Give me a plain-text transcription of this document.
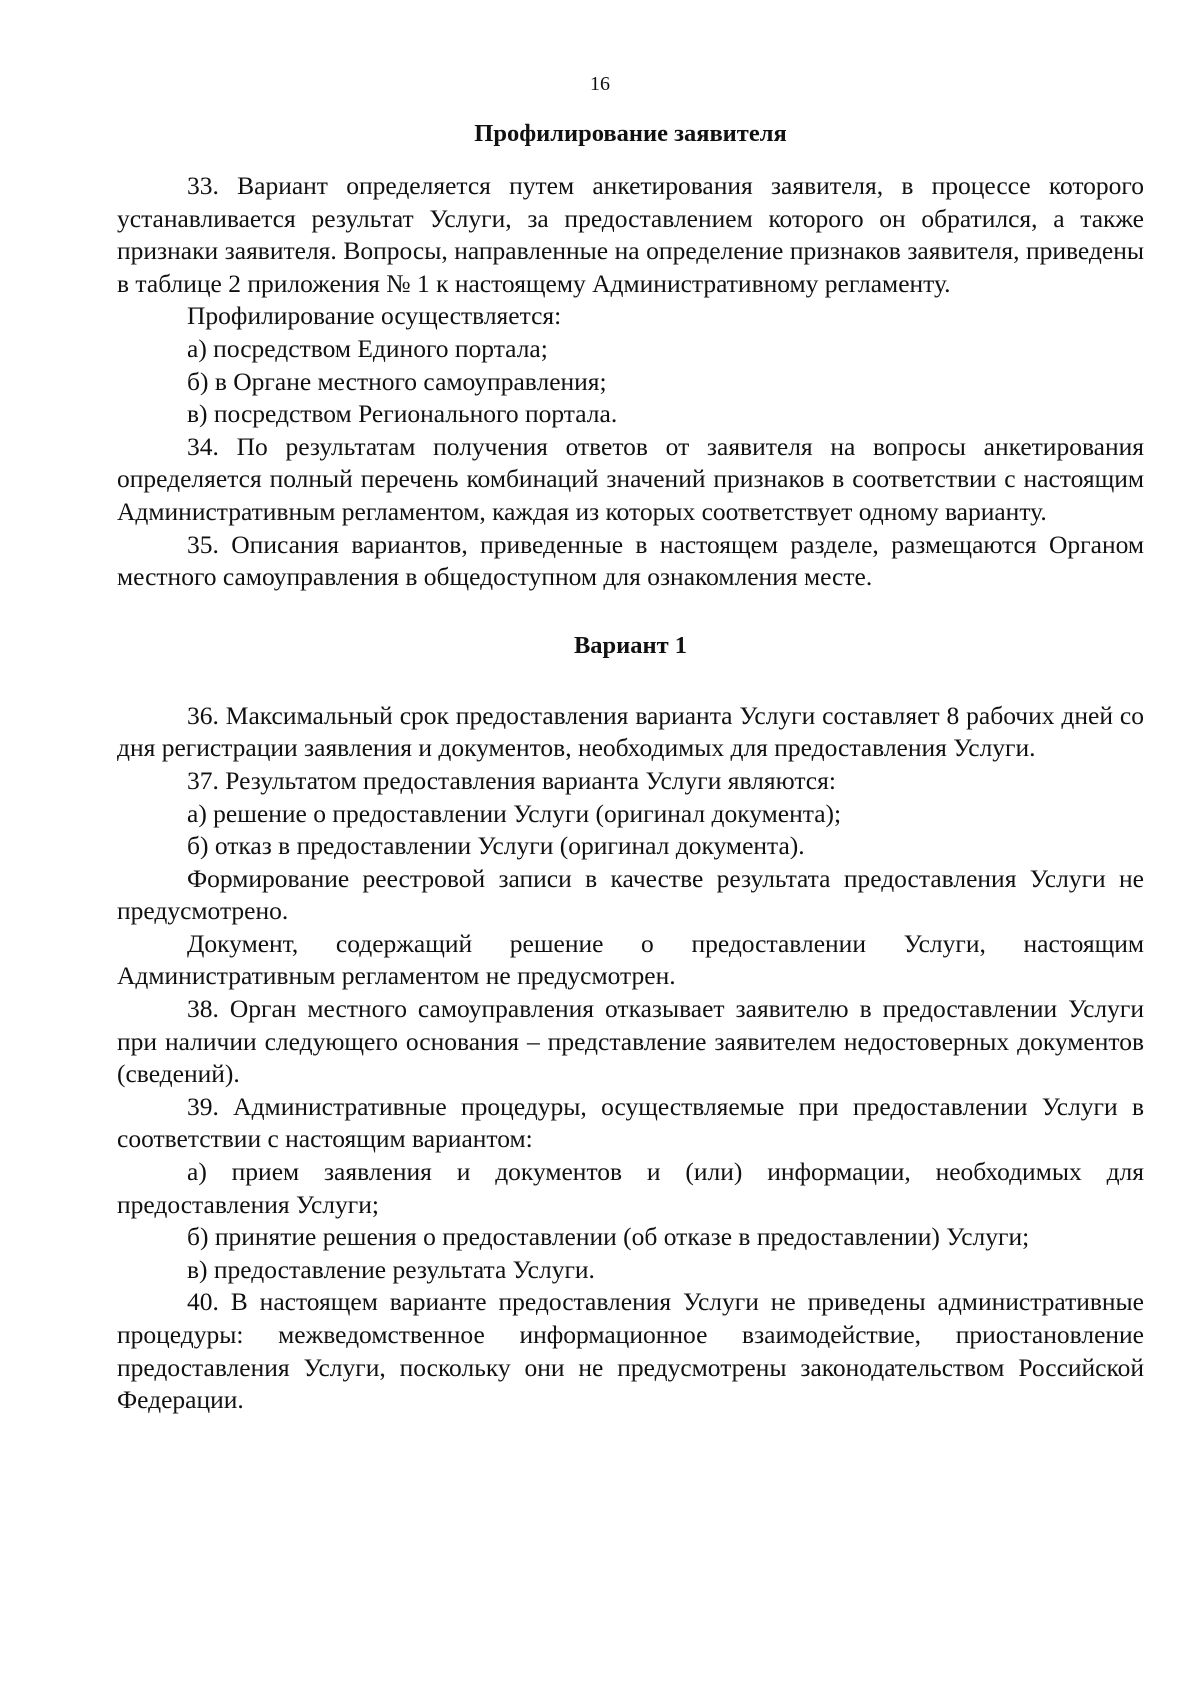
16
Профилирование заявителя

33. Вариант определяется путем анкетирования заявителя, в процессе которого устанавливается результат Услуги, за предоставлением которого он обратился, а также признаки заявителя. Вопросы, направленные на определение признаков заявителя, приведены в таблице 2 приложения № 1 к настоящему Административному регламенту.

Профилирование осуществляется:

а) посредством Единого портала;

б) в Органе местного самоуправления;

в) посредством Регионального портала.

34. По результатам получения ответов от заявителя на вопросы анкетирования определяется полный перечень комбинаций значений признаков в соответствии с настоящим Административным регламентом, каждая из которых соответствует одному варианту.

35. Описания вариантов, приведенные в настоящем разделе, размещаются Органом местного самоуправления в общедоступном для ознакомления месте.

Вариант 1

36. Максимальный срок предоставления варианта Услуги составляет 8 рабочих дней со дня регистрации заявления и документов, необходимых для предоставления Услуги.

37. Результатом предоставления варианта Услуги являются:

а) решение о предоставлении Услуги (оригинал документа);

б) отказ в предоставлении Услуги (оригинал документа).

Формирование реестровой записи в качестве результата предоставления Услуги не предусмотрено.

Документ, содержащий решение о предоставлении Услуги, настоящим Административным регламентом не предусмотрен.

38. Орган местного самоуправления отказывает заявителю в предоставлении Услуги при наличии следующего основания – представление заявителем недостоверных документов (сведений).

39. Административные процедуры, осуществляемые при предоставлении Услуги в соответствии с настоящим вариантом:

а) прием заявления и документов и (или) информации, необходимых для предоставления Услуги;

б) принятие решения о предоставлении (об отказе в предоставлении) Услуги;

в) предоставление результата Услуги.

40. В настоящем варианте предоставления Услуги не приведены административные процедуры: межведомственное информационное взаимодействие, приостановление предоставления Услуги, поскольку они не предусмотрены законодательством Российской Федерации.
